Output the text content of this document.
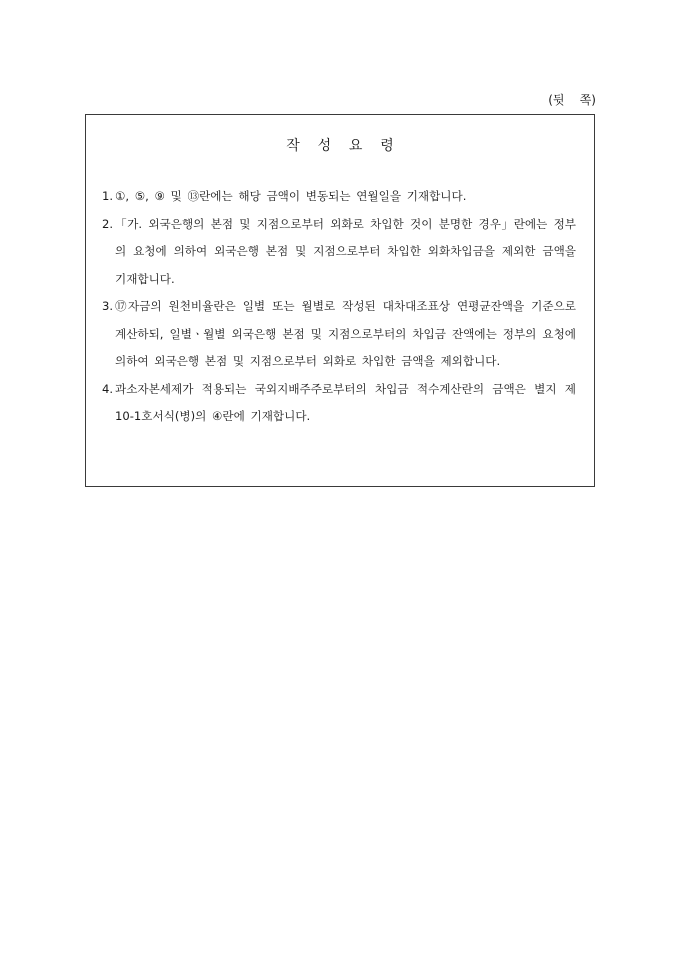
(뒷    쪽)
작    성    요    령
1. ①, ⑤, ⑨ 및 ⑬란에는 해당 금액이 변동되는 연월일을 기재합니다.
2. 「가. 외국은행의 본점 및 지점으로부터 외화로 차입한 것이 분명한 경우」란에는 정부의 요청에 의하여 외국은행 본점 및 지점으로부터 차입한 외화차입금을 제외한 금액을 기재합니다.
3. ⑰자금의 원천비율란은 일별 또는 월별로 작성된 대차대조표상 연평균잔액을 기준으로 계산하되, 일별ㆍ월별 외국은행 본점 및 지점으로부터의 차입금 잔액에는 정부의 요청에 의하여 외국은행 본점 및 지점으로부터 외화로 차입한 금액을 제외합니다.
4. 과소자본세제가 적용되는 국외지배주주로부터의 차입금 적수계산란의 금액은 별지 제10-1호서식(병)의 ④란에 기재합니다.
